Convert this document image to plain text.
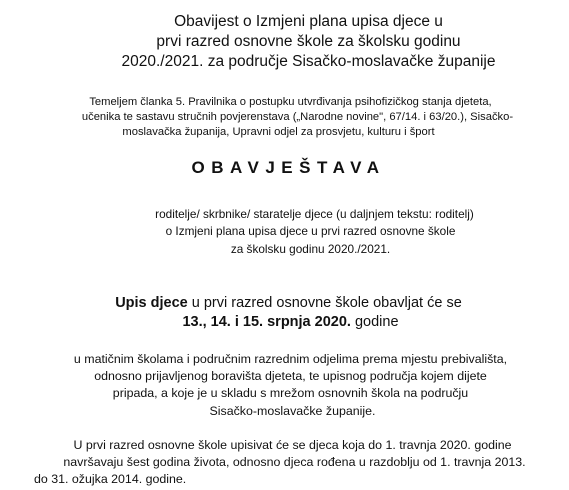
Obavijest o Izmjeni plana upisa djece u
prvi razred osnovne škole za školsku godinu
2020./2021. za područje Sisačko-moslavačke županije
Temeljem članka 5. Pravilnika o postupku utvrđivanja psihofizičkog stanja djeteta,
učenika te sastavu stručnih povjerenstava („Narodne novine", 67/14. i 63/20.), Sisačko-
moslavačka županija, Upravni odjel za prosvjetu, kulturu i šport
OBAVJEŠTAVA
roditelje/ skrbnike/ staratelje djece (u daljnjem tekstu: roditelj)
o Izmjeni plana upisa djece u prvi razred osnovne škole
za školsku godinu 2020./2021.
Upis djece u prvi razred osnovne škole obavljat će se
13., 14. i 15. srpnja 2020. godine
u matičnim školama i područnim razrednim odjelima prema mjestu prebivališta,
odnosno prijavljenog boravišta djeteta, te upisnog područja kojem dijete
pripada, a koje je u skladu s mrežom osnovnih škola na području
Sisačko-moslavačke županije.
U prvi razred osnovne škole upisivat će se djeca koja do 1. travnja 2020. godine
navršavaju šest godina života, odnosno djeca rođena u razdoblju od 1. travnja 2013.
do 31. ožujka 2014. godine.
